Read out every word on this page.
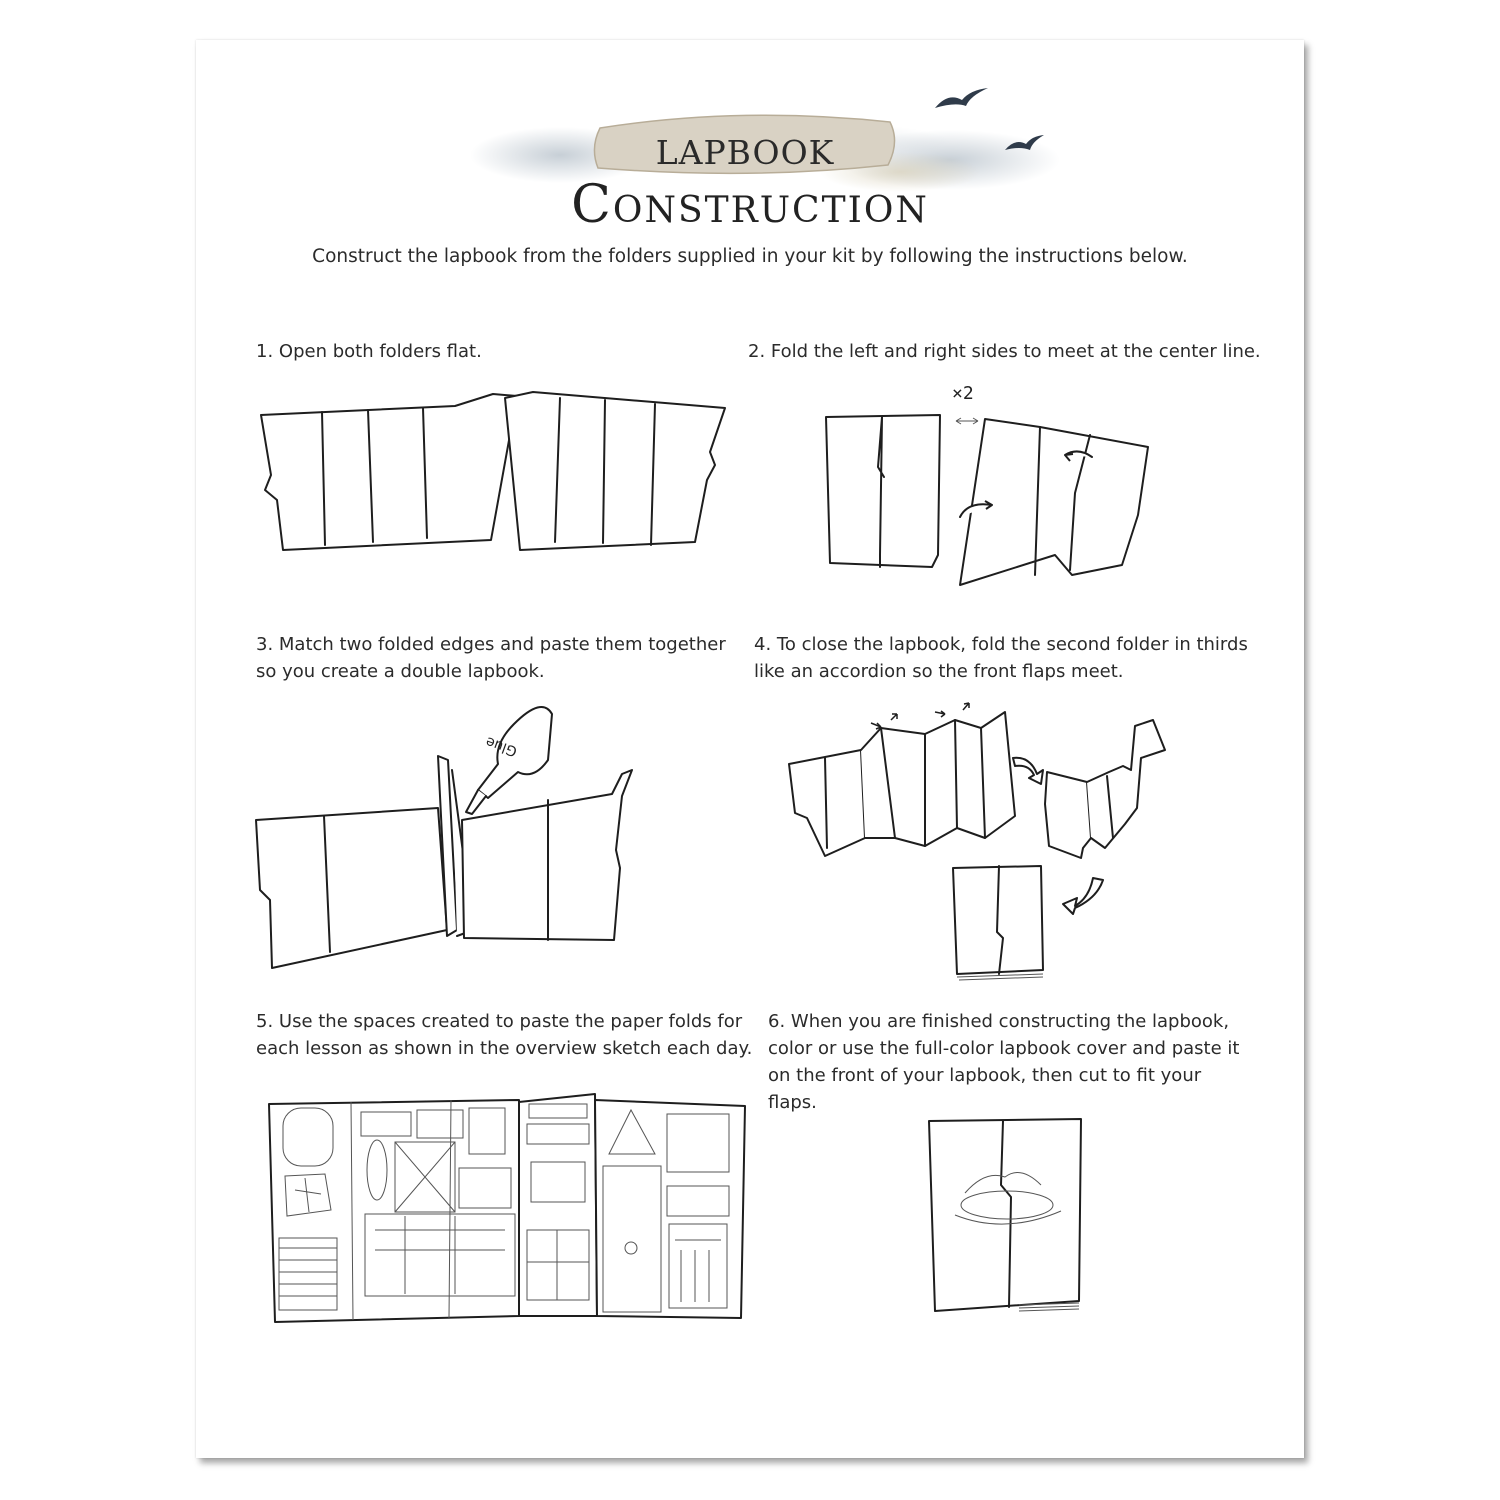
LAPBOOK
Construction
Construct the lapbook from the folders supplied in your kit by following the instructions below.

1. Open both folders flat.	2. Fold the left and right sides to meet at the center line.

×2

3. Match two folded edges and paste them together

so you create a double lapbook.

Glue

4. To close the lapbook, fold the second folder in thirds

like an accordion so the front flaps meet.

5. Use the spaces created to paste the paper folds for

each lesson as shown in the overview sketch each day.

6. When you are finished constructing the lapbook,

color or use the full-color lapbook cover and paste it

on the front of your lapbook, then cut to fit your

flaps.
